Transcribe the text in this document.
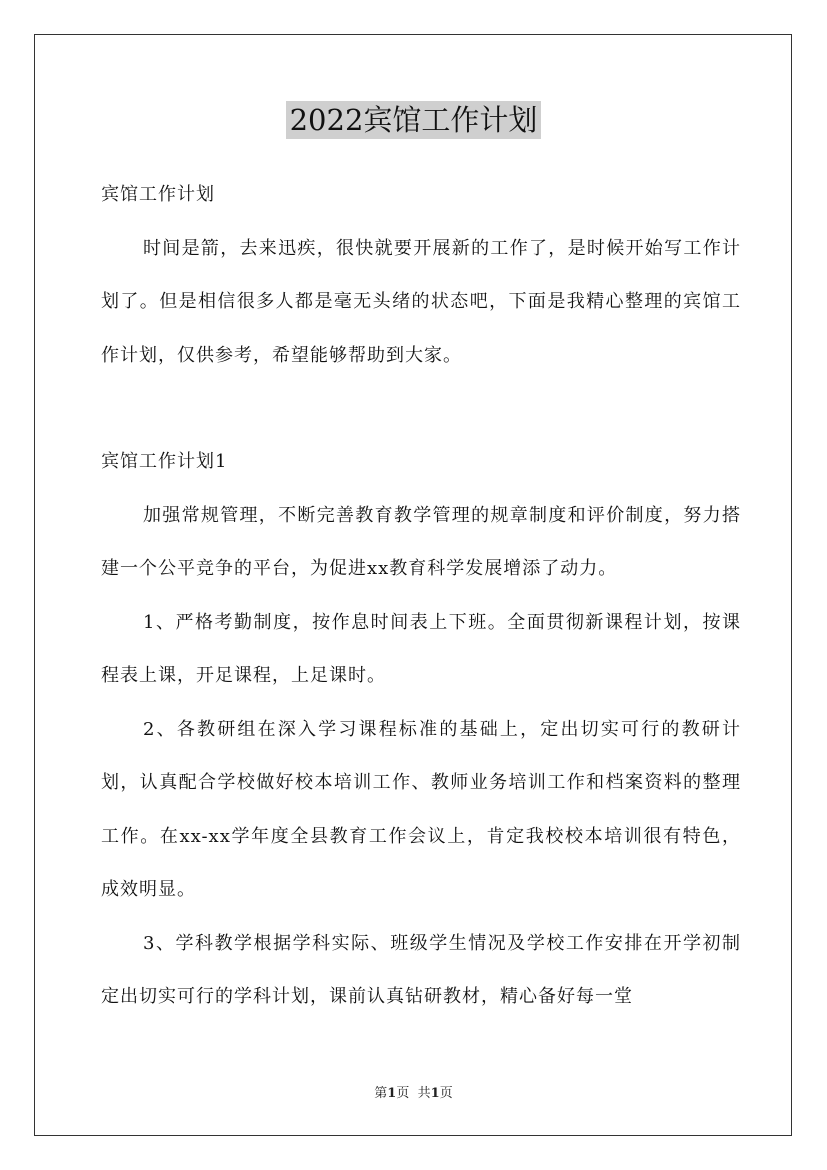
2022宾馆工作计划

宾馆工作计划

时间是箭，去来迅疾，很快就要开展新的工作了，是时候开始写工作计划了。但是相信很多人都是毫无头绪的状态吧，下面是我精心整理的宾馆工作计划，仅供参考，希望能够帮助到大家。

宾馆工作计划1

加强常规管理，不断完善教育教学管理的规章制度和评价制度，努力搭建一个公平竞争的平台，为促进xx教育科学发展增添了动力。

1、严格考勤制度，按作息时间表上下班。全面贯彻新课程计划，按课程表上课，开足课程，上足课时。

2、各教研组在深入学习课程标准的基础上，定出切实可行的教研计划，认真配合学校做好校本培训工作、教师业务培训工作和档案资料的整理工作。在xx-xx学年度全县教育工作会议上，肯定我校校本培训很有特色，成效明显。

3、学科教学根据学科实际、班级学生情况及学校工作安排在开学初制定出切实可行的学科计划，课前认真钻研教材，精心备好每一堂

第1页 共1页
